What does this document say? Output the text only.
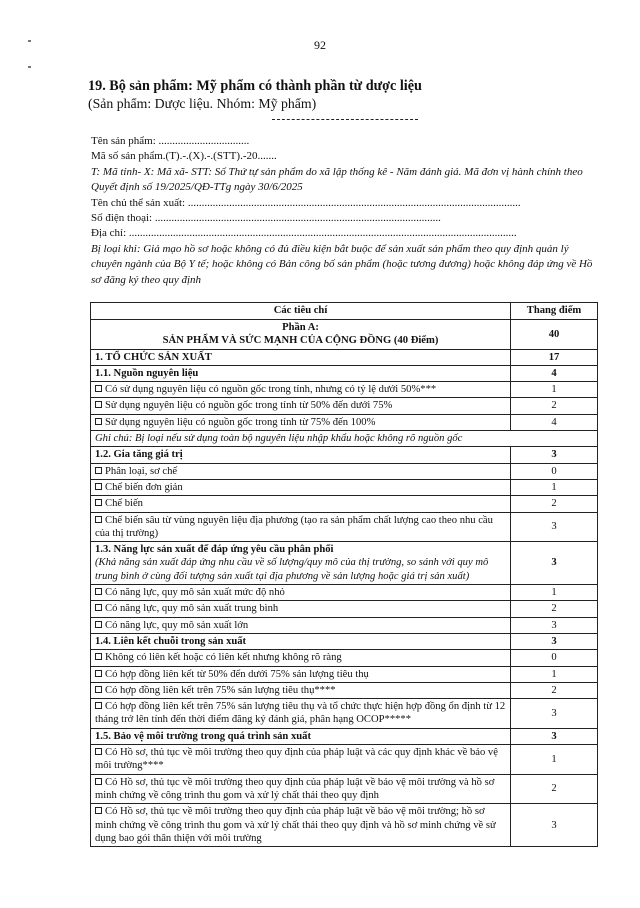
92
19. Bộ sản phẩm: Mỹ phẩm có thành phần từ dược liệu
(Sản phẩm: Dược liệu. Nhóm: Mỹ phẩm)
Tên sản phẩm: .................................
Mã số sản phẩm.(T).-.(X).-.(STT).-20.......
T: Mã tỉnh- X: Mã xã- STT: Số Thứ tự sản phẩm do xã lập thống kê - Năm đánh giá. Mã đơn vị hành chính theo Quyết định số 19/2025/QĐ-TTg ngày 30/6/2025
Tên chủ thể sản xuất: .........................................................................................................................
Số điện thoại: ........................................................................................................
Địa chỉ: .............................................................................................................................................
Bị loại khi: Giả mạo hồ sơ hoặc không có đủ điều kiện bắt buộc để sản xuất sản phẩm theo quy định quản lý chuyên ngành của Bộ Y tế; hoặc không có Bản công bố sản phẩm (hoặc tương đương) hoặc không đáp ứng về Hồ sơ đăng ký theo quy định
Các tiêu chí	Thang điểm

Phần A:
SẢN PHẨM VÀ SỨC MẠNH CỦA CỘNG ĐỒNG (40 Điểm)	40
1. TỔ CHỨC SẢN XUẤT	17
1.1. Nguồn nguyên liệu	4
Có sử dụng nguyên liệu có nguồn gốc trong tỉnh, nhưng có tỷ lệ dưới 50%***	1
Sử dụng nguyên liệu có nguồn gốc trong tỉnh từ 50% đến dưới 75%	2
Sử dụng nguyên liệu có nguồn gốc trong tỉnh từ 75% đến 100%	4
Ghi chú: Bị loại nếu sử dụng toàn bộ nguyên liệu nhập khẩu hoặc không rõ nguồn gốc	
1.2. Gia tăng giá trị	3
Phân loại, sơ chế	0
Chế biến đơn giản	1
Chế biến	2
Chế biến sâu từ vùng nguyên liệu địa phương (tạo ra sản phẩm chất lượng cao theo nhu cầu của thị trường)	3

1.3. Năng lực sản xuất để đáp ứng yêu cầu phân phối
(Khả năng sản xuất đáp ứng nhu cầu về số lượng/quy mô của thị trường, so sánh với quy mô trung bình ở cùng đối tượng sản xuất tại địa phương về sản lượng hoặc giá trị sản xuất)	3
Có năng lực, quy mô sản xuất mức độ nhỏ	1
Có năng lực, quy mô sản xuất trung bình	2
Có năng lực, quy mô sản xuất lớn	3
1.4. Liên kết chuỗi trong sản xuất	3
Không có liên kết hoặc có liên kết nhưng không rõ ràng	0
Có hợp đồng liên kết từ 50% đến dưới 75% sản lượng tiêu thụ	1
Có hợp đồng liên kết trên 75% sản lượng tiêu thụ****	2
Có hợp đồng liên kết trên 75% sản lượng tiêu thụ và tổ chức thực hiện hợp đồng ổn định từ 12 tháng trở lên tính đến thời điểm đăng ký đánh giá, phân hạng OCOP*****	3
1.5. Bảo vệ môi trường trong quá trình sản xuất	3
Có Hồ sơ, thủ tục về môi trường theo quy định của pháp luật và các quy định khác về bảo vệ môi trường****	1
Có Hồ sơ, thủ tục về môi trường theo quy định của pháp luật về bảo vệ môi trường và hồ sơ minh chứng về công trình thu gom và xử lý chất thải theo quy định	2
Có Hồ sơ, thủ tục về môi trường theo quy định của pháp luật về bảo vệ môi trường; hồ sơ minh chứng về công trình thu gom và xử lý chất thải theo quy định và hồ sơ minh chứng về sử dụng bao gói thân thiện với môi trường	3
